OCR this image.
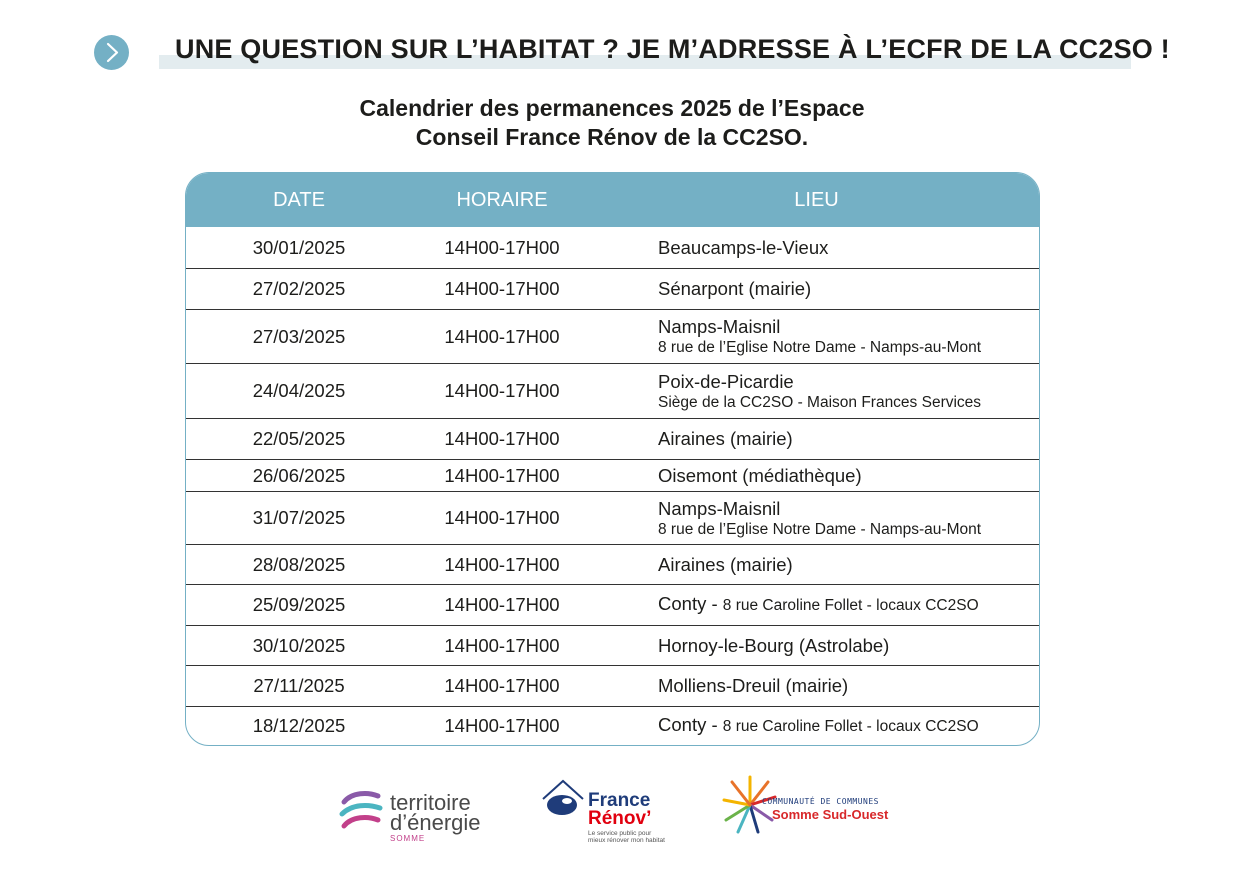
UNE QUESTION SUR L’HABITAT ? JE M’ADRESSE À L’ECFR DE LA CC2SO !
Calendrier des permanences 2025 de l’Espace
Conseil France Rénov de la CC2SO.
DATE	HORAIRE	LIEU
30/01/2025	14H00-17H00	Beaucamps-le-Vieux
27/02/2025	14H00-17H00	Sénarpont (mairie)
27/03/2025	14H00-17H00	Namps-Maisnil
8 rue de l’Eglise Notre Dame - Namps-au-Mont
24/04/2025	14H00-17H00	Poix-de-Picardie
Siège de la CC2SO - Maison Frances Services
22/05/2025	14H00-17H00	Airaines (mairie)
26/06/2025	14H00-17H00	Oisemont (médiathèque)
31/07/2025	14H00-17H00	Namps-Maisnil
8 rue de l’Eglise Notre Dame - Namps-au-Mont
28/08/2025	14H00-17H00	Airaines (mairie)
25/09/2025	14H00-17H00	Conty - 8 rue Caroline Follet - locaux CC2SO
30/10/2025	14H00-17H00	Hornoy-le-Bourg (Astrolabe)
27/11/2025	14H00-17H00	Molliens-Dreuil (mairie)
18/12/2025	14H00-17H00	Conty - 8 rue Caroline Follet - locaux CC2SO
territoire
d’énergie
SOMME
France
Rénov’
Le service public pour mieux rénover mon habitat
COMMUNAUTÉ DE COMMUNES
Somme Sud-Ouest
